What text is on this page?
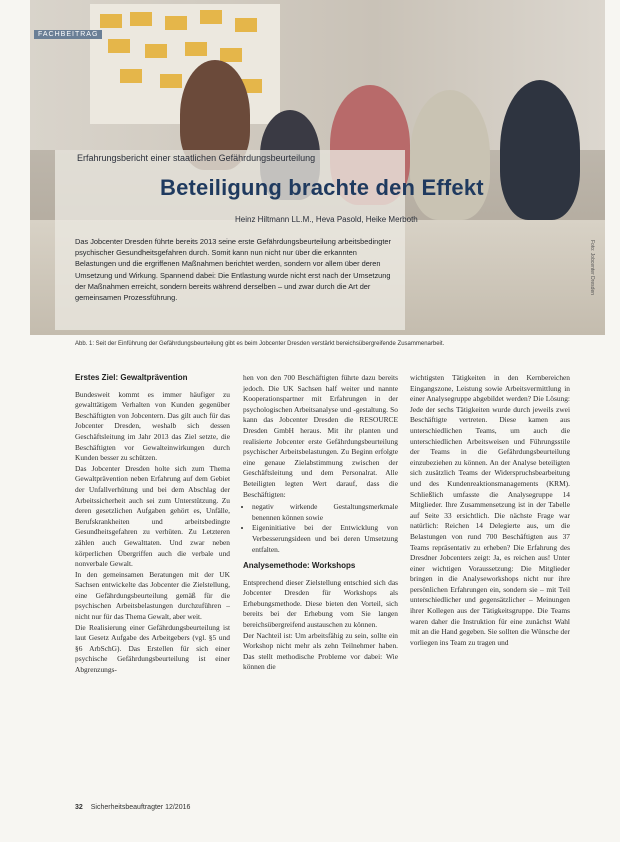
FACHBEITRAG
Erfahrungsbericht einer staatlichen Gefährdungsbeurteilung
Beteiligung brachte den Effekt
Heinz Hiltmann LL.M., Heva Pasold, Heike Merboth
Das Jobcenter Dresden führte bereits 2013 seine erste Gefährdungsbeurteilung arbeitsbedingter psychischer Gesundheitsgefahren durch. Somit kann nun nicht nur über die erkannten Belastungen und die ergriffenen Maßnahmen berichtet werden, sondern vor allem über deren Umsetzung und Wirkung. Spannend dabei: Die Entlastung wurde nicht erst nach der Umsetzung der Maßnahmen erreicht, sondern bereits während derselben – und zwar durch die Art der gemeinsamen Prozessführung.
Foto: Jobcenter Dresden
Abb. 1: Seit der Einführung der Gefährdungsbeurteilung gibt es beim Jobcenter Dresden verstärkt bereichsübergreifende Zusammenarbeit.
Erstes Ziel: Gewaltprävention

Bundesweit kommt es immer häufiger zu gewalttätigem Verhalten von Kunden gegenüber Beschäftigten von Jobcentern. Das gilt auch für das Jobcenter Dresden, weshalb sich dessen Geschäftsleitung im Jahr 2013 das Ziel setzte, die Beschäftigten vor Gewalteinwirkungen durch Kunden besser zu schützen.

Das Jobcenter Dresden holte sich zum Thema Gewaltprävention neben Erfahrung auf dem Gebiet der Unfallverhütung und bei dem Abschlag der Arbeitssicherheit auch sei zum Unterstützung. Zu deren gesetzlichen Aufgaben gehört es, Unfälle, Berufskrankheiten und arbeitsbedingte Gesundheitsgefahren zu verhüten. Zu Letzteren zählen auch Gewalttaten. Und zwar neben körperlichen Übergriffen auch die verbale und nonverbale Gewalt.

In den gemeinsamen Beratungen mit der UK Sachsen entwickelte das Jobcenter die Zielstellung, eine Gefährdungsbeurteilung gemäß für die psychischen Arbeitsbelastungen durchzuführen – nicht nur für das Thema Gewalt, aber weit.

Die Realisierung einer Gefährdungsbeurteilung ist laut Gesetz Aufgabe des Arbeitgebers (vgl. §5 und §6 ArbSchG). Das Erstellen für sich einer psychische Gefährdungsbeurteilung ist einer Abgrenzungs-

hen von den 700 Beschäftigten führte dazu bereits jedoch. Die UK Sachsen half weiter und nannte Kooperationspartner mit Erfahrungen in der psychologischen Arbeitsanalyse und -gestaltung. So kann das Jobcenter Dresden die RESOURCE Dresden GmbH heraus. Mit ihr planten und realisierte Jobcenter erste Gefährdungsbeurteilung psychischer Arbeitsbelastungen. Zu Beginn erfolgte eine genaue Zielabstimmung zwischen der Geschäftsleitung und dem Personalrat. Alle Beteiligten legten Wert darauf, dass die Beschäftigten:

• negativ wirkende Gestaltungsmerkmale benennen können sowie
• Eigeninitiative bei der Entwicklung von Verbesserungsideen und bei deren Umsetzung entfalten.
Analysemethode: Workshops

Entsprechend dieser Zielstellung entschied sich das Jobcenter Dresden für Workshops als Erhebungsmethode. Diese bieten den Vorteil, sich bereits bei der Erhebung vom Sie langen bereichsübergreifend austauschen zu können.

Der Nachteil ist: Um arbeitsfähig zu sein, sollte ein Workshop nicht mehr als zehn Teilnehmer haben. Das stellt methodische Probleme vor dabei: Wie können die

wichtigsten Tätigkeiten in den Kernbereichen Eingangszone, Leistung sowie Arbeitsvermittlung in einer Analysegruppe abgebildet werden? Die Lösung: Jede der sechs Tätigkeiten wurde durch jeweils zwei Beschäftigte vertreten. Diese kamen aus unterschiedlichen Teams, um auch die unterschiedlichen Arbeitsweisen und Führungsstile der Teams in die Gefährdungsbeurteilung einzubeziehen zu können. An der Analyse beteiligten sich zusätzlich Teams der Widerspruchsbearbeitung und des Kundenreaktionsmanagements (KRM). Schließlich umfasste die Analysegruppe 14 Mitglieder. Ihre Zusammensetzung ist in der Tabelle auf Seite 33 ersichtlich. Die nächste Frage war natürlich: Reichen 14 Delegierte aus, um die Belastungen von rund 700 Beschäftigten aus 37 Teams repräsentativ zu erheben? Die Erfahrung des Dresdner Jobcenters zeigt: Ja, es reichen aus! Unter einer wichtigen Voraussetzung: Die Mitglieder bringen in die Analyseworkshops nicht nur ihre persönlichen Erfahrungen ein, sondern sie – mit Teil unterschiedlicher und gegensätzlicher – Meinungen ihrer Kollegen aus der Tätigkeitsgruppe. Die Teams waren daher die Instruktion für eine zunächst Wahl mit an die Hand gegeben. Sie sollten die Wünsche der vorliegen ins Team zu tragen und

32 Sicherheitsbeauftragter 12/2016
